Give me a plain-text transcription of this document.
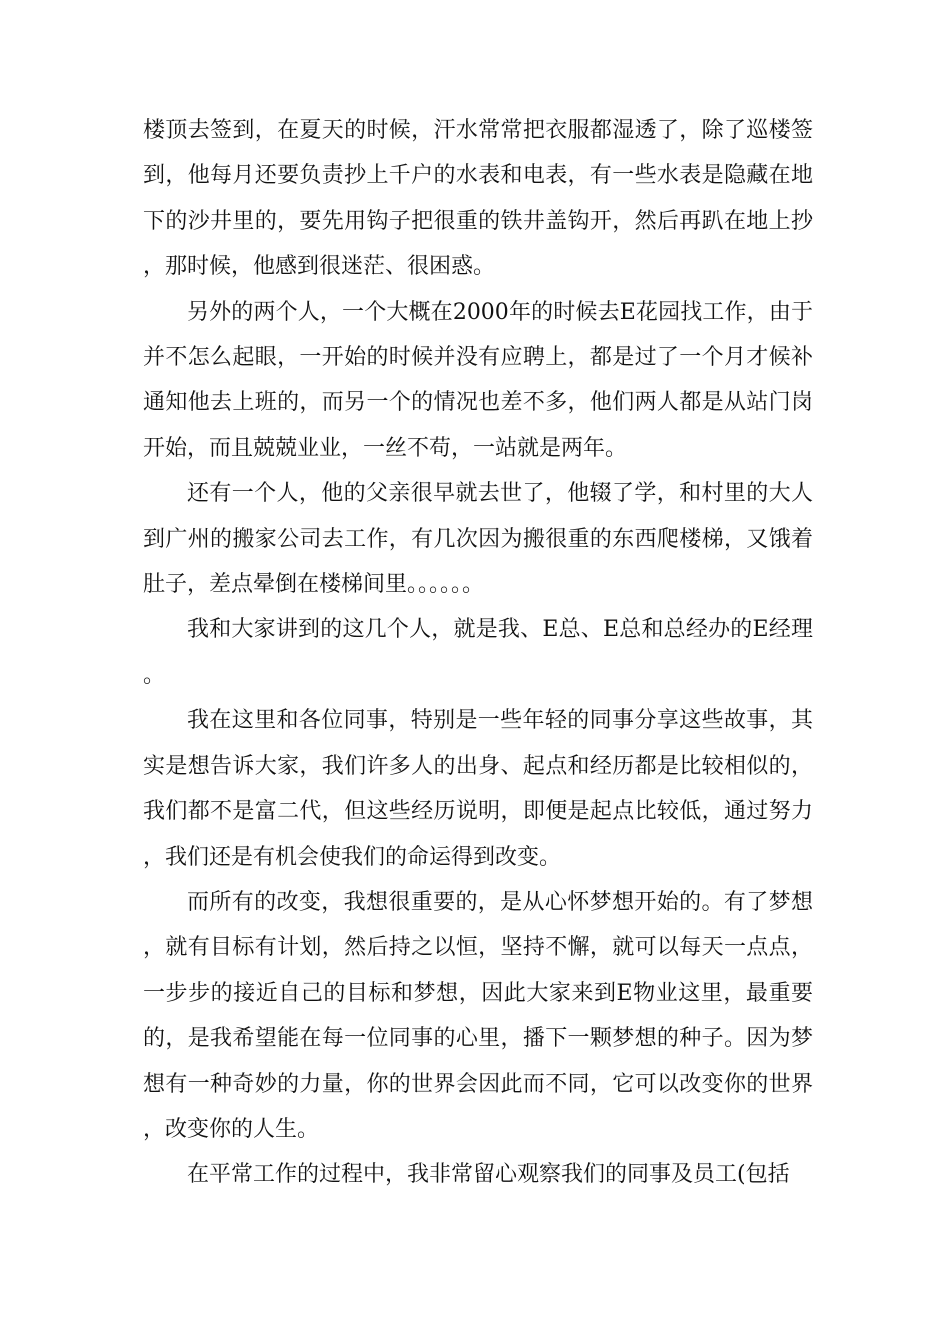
楼顶去签到，在夏天的时候，汗水常常把衣服都湿透了，除了巡楼签到，他每月还要负责抄上千户的水表和电表，有一些水表是隐藏在地下的沙井里的，要先用钩子把很重的铁井盖钩开，然后再趴在地上抄，那时候，他感到很迷茫、很困惑。

另外的两个人，一个大概在2000年的时候去E花园找工作，由于并不怎么起眼，一开始的时候并没有应聘上，都是过了一个月才候补通知他去上班的，而另一个的情况也差不多，他们两人都是从站门岗开始，而且兢兢业业，一丝不苟，一站就是两年。

还有一个人，他的父亲很早就去世了，他辍了学，和村里的大人到广州的搬家公司去工作，有几次因为搬很重的东西爬楼梯，又饿着肚子，差点晕倒在楼梯间里。。。。。。

我和大家讲到的这几个人，就是我、E总、E总和总经办的E经理。

我在这里和各位同事，特别是一些年轻的同事分享这些故事，其实是想告诉大家，我们许多人的出身、起点和经历都是比较相似的，我们都不是富二代，但这些经历说明，即便是起点比较低，通过努力，我们还是有机会使我们的命运得到改变。

而所有的改变，我想很重要的，是从心怀梦想开始的。有了梦想，就有目标有计划，然后持之以恒，坚持不懈，就可以每天一点点，一步步的接近自己的目标和梦想，因此大家来到E物业这里，最重要的，是我希望能在每一位同事的心里，播下一颗梦想的种子。因为梦想有一种奇妙的力量，你的世界会因此而不同，它可以改变你的世界，改变你的人生。

在平常工作的过程中，我非常留心观察我们的同事及员工(包括
